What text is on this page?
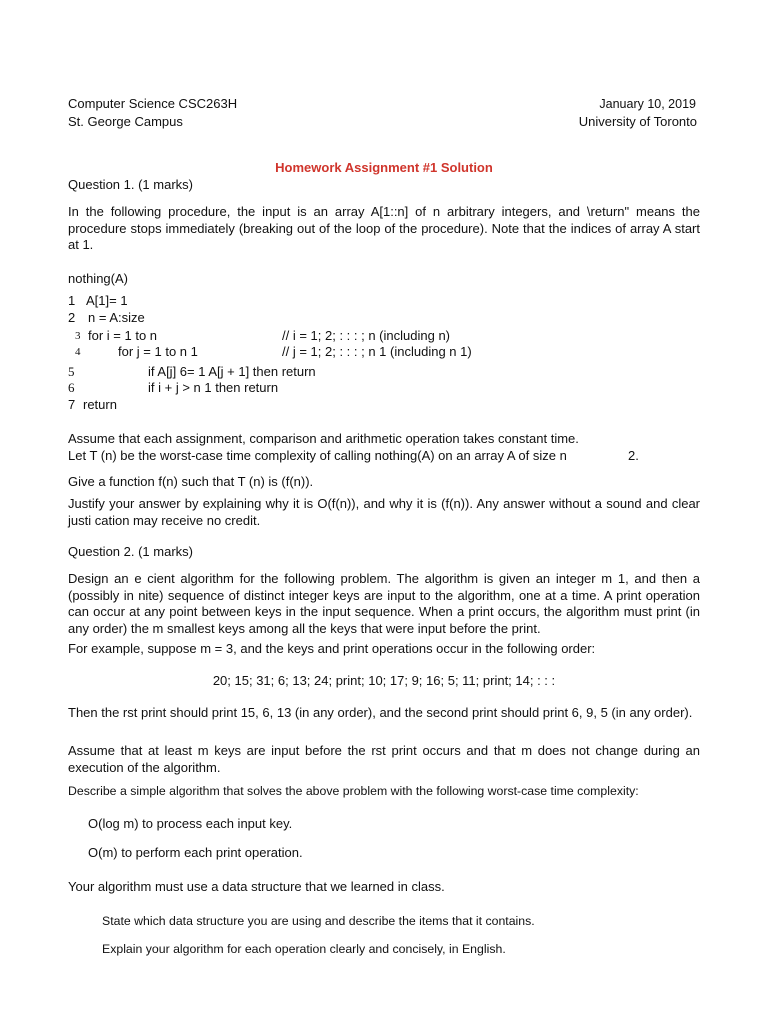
Computer Science CSC263H
St. George Campus
January 10, 2019
University of Toronto
Homework Assignment #1 Solution
Question 1. (1 marks)
In the following procedure, the input is an array A[1::n] of n arbitrary integers, and \return" means the procedure stops immediately (breaking out of the loop of the procedure). Note that the indices of array A start at 1.
nothing(A)
1 A[1]= 1
2 n = A:size
3 for i = 1 to n	// i = 1; 2; : : : ; n (including n)
4	for j = 1 to n 1	// j = 1; 2; : : : ; n 1 (including n 1)
5	if A[j] 6= 1 A[j + 1] then return
6	if i + j > n 1 then return
7 return
Assume that each assignment, comparison and arithmetic operation takes constant time.
Let T (n) be the worst-case time complexity of calling nothing(A) on an array A of size n	2.
Give a function f(n) such that T (n) is (f(n)).
Justify your answer by explaining why it is O(f(n)), and why it is (f(n)). Any answer without a sound and clear justi cation may receive no credit.
Question 2. (1 marks)
Design an e cient algorithm for the following problem. The algorithm is given an integer m 1, and then a (possibly in nite) sequence of distinct integer keys are input to the algorithm, one at a time. A print operation can occur at any point between keys in the input sequence. When a print occurs, the algorithm must print (in any order) the m smallest keys among all the keys that were input before the print.
For example, suppose m = 3, and the keys and print operations occur in the following order:
20; 15; 31; 6; 13; 24; print; 10; 17; 9; 16; 5; 11; print; 14; : : :
Then the rst print should print 15, 6, 13 (in any order), and the second print should print 6, 9, 5 (in any order).
Assume that at least m keys are input before the rst print occurs and that m does not change during an execution of the algorithm.
Describe a simple algorithm that solves the above problem with the following worst-case time complexity:
O(log m) to process each input key.
O(m) to perform each print operation.
Your algorithm must use a data structure that we learned in class.
State which data structure you are using and describe the items that it contains.
Explain your algorithm for each operation clearly and concisely, in English.
